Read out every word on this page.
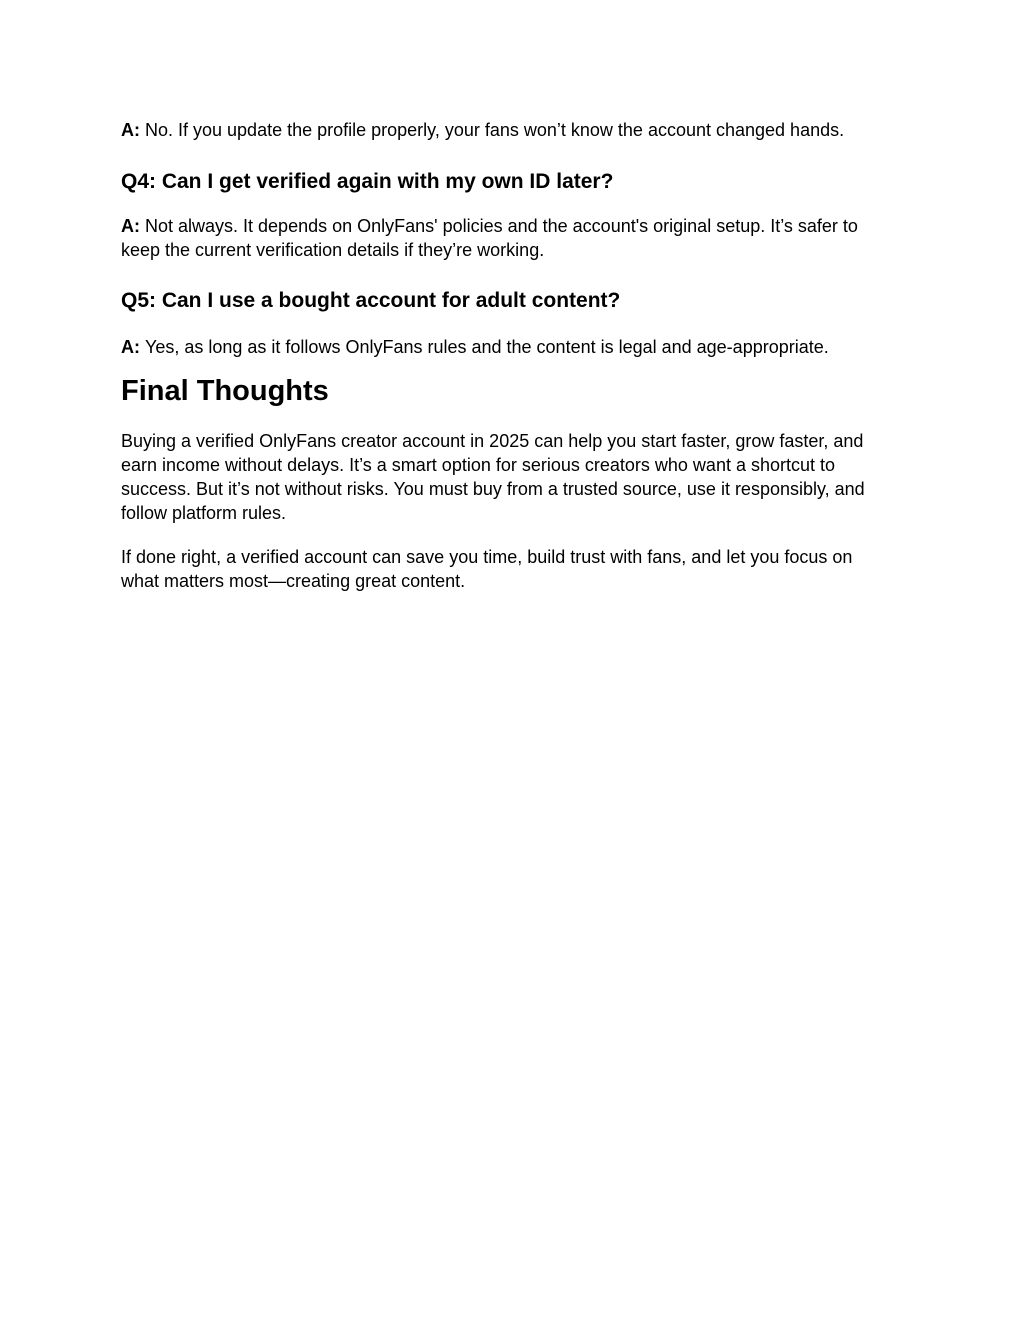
A: No. If you update the profile properly, your fans won’t know the account changed hands.

Q4: Can I get verified again with my own ID later?

A: Not always. It depends on OnlyFans' policies and the account's original setup. It’s safer to keep the current verification details if they’re working.

Q5: Can I use a bought account for adult content?

A: Yes, as long as it follows OnlyFans rules and the content is legal and age-appropriate.

Final Thoughts

Buying a verified OnlyFans creator account in 2025 can help you start faster, grow faster, and earn income without delays. It’s a smart option for serious creators who want a shortcut to success. But it’s not without risks. You must buy from a trusted source, use it responsibly, and follow platform rules.

If done right, a verified account can save you time, build trust with fans, and let you focus on what matters most—creating great content.
